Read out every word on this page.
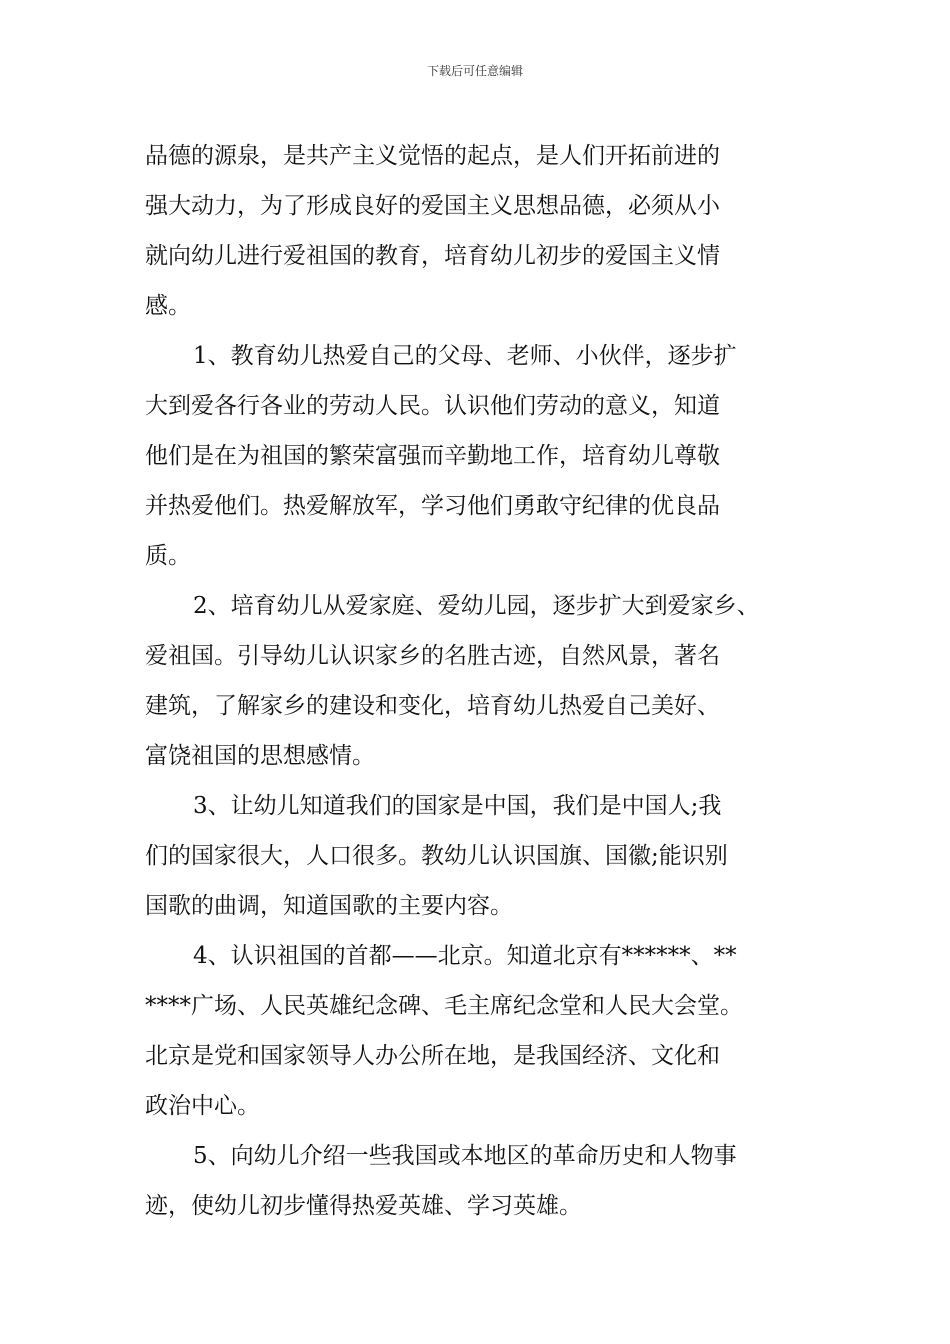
下载后可任意编辑
品德的源泉，是共产主义觉悟的起点，是人们开拓前进的
强大动力，为了形成良好的爱国主义思想品德，必须从小
就向幼儿进行爱祖国的教育，培育幼儿初步的爱国主义情
感。
1、教育幼儿热爱自己的父母、老师、小伙伴，逐步扩
大到爱各行各业的劳动人民。认识他们劳动的意义，知道
他们是在为祖国的繁荣富强而辛勤地工作，培育幼儿尊敬
并热爱他们。热爱解放军，学习他们勇敢守纪律的优良品
质。
2、培育幼儿从爱家庭、爱幼儿园，逐步扩大到爱家乡、
爱祖国。引导幼儿认识家乡的名胜古迹，自然风景，著名
建筑，了解家乡的建设和变化，培育幼儿热爱自己美好、
富饶祖国的思想感情。
3、让幼儿知道我们的国家是中国，我们是中国人;我
们的国家很大，人口很多。教幼儿认识国旗、国徽;能识别
国歌的曲调，知道国歌的主要内容。
4、认识祖国的首都——北京。知道北京有******、**
****广场、人民英雄纪念碑、毛主席纪念堂和人民大会堂。
北京是党和国家领导人办公所在地，是我国经济、文化和
政治中心。
5、向幼儿介绍一些我国或本地区的革命历史和人物事
迹，使幼儿初步懂得热爱英雄、学习英雄。
